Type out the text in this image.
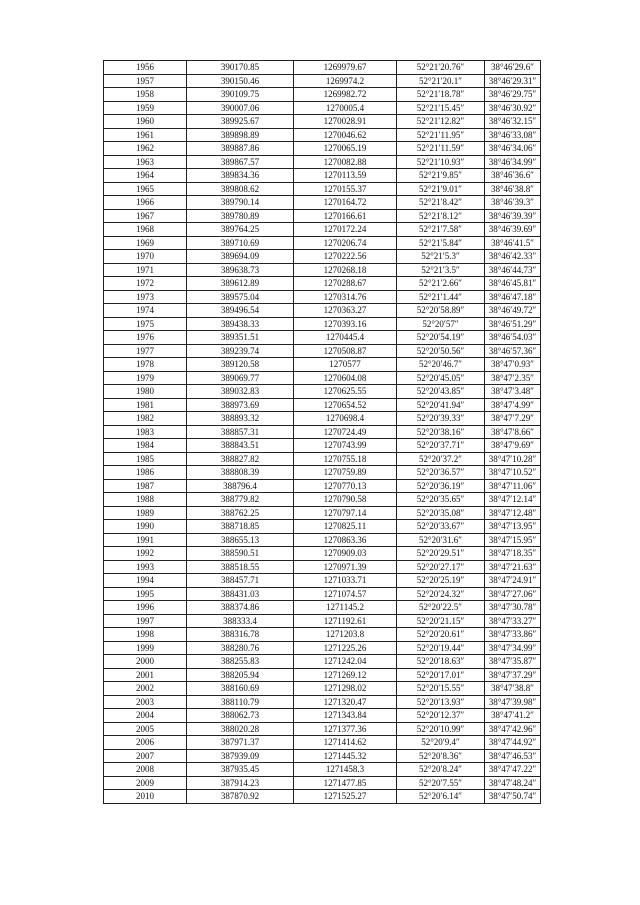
1956	390170.85	1269979.67	52°21′20.76″	38°46′29.6″
1957	390150.46	1269974.2	52°21′20.1″	38°46′29.31″
1958	390109.75	1269982.72	52°21′18.78″	38°46′29.75″
1959	390007.06	1270005.4	52°21′15.45″	38°46′30.92″
1960	389925.67	1270028.91	52°21′12.82″	38°46′32.15″
1961	389898.89	1270046.62	52°21′11.95″	38°46′33.08″
1962	389887.86	1270065.19	52°21′11.59″	38°46′34.06″
1963	389867.57	1270082.88	52°21′10.93″	38°46′34.99″
1964	389834.36	1270113.59	52°21′9.85″	38°46′36.6″
1965	389808.62	1270155.37	52°21′9.01″	38°46′38.8″
1966	389790.14	1270164.72	52°21′8.42″	38°46′39.3″
1967	389780.89	1270166.61	52°21′8.12″	38°46′39.39″
1968	389764.25	1270172.24	52°21′7.58″	38°46′39.69″
1969	389710.69	1270206.74	52°21′5.84″	38°46′41.5″
1970	389694.09	1270222.56	52°21′5.3″	38°46′42.33″
1971	389638.73	1270268.18	52°21′3.5″	38°46′44.73″
1972	389612.89	1270288.67	52°21′2.66″	38°46′45.81″
1973	389575.04	1270314.76	52°21′1.44″	38°46′47.18″
1974	389496.54	1270363.27	52°20′58.89″	38°46′49.72″
1975	389438.33	1270393.16	52°20′57″	38°46′51.29″
1976	389351.51	1270445.4	52°20′54.19″	38°46′54.03″
1977	389239.74	1270508.87	52°20′50.56″	38°46′57.36″
1978	389120.58	1270577	52°20′46.7″	38°47′0.93″
1979	389069.77	1270604.08	52°20′45.05″	38°47′2.35″
1980	389032.83	1270625.55	52°20′43.85″	38°47′3.48″
1981	388973.69	1270654.52	52°20′41.94″	38°47′4.99″
1982	388893.32	1270698.4	52°20′39.33″	38°47′7.29″
1983	388857.31	1270724.49	52°20′38.16″	38°47′8.66″
1984	388843.51	1270743.99	52°20′37.71″	38°47′9.69″
1985	388827.82	1270755.18	52°20′37.2″	38°47′10.28″
1986	388808.39	1270759.89	52°20′36.57″	38°47′10.52″
1987	388796.4	1270770.13	52°20′36.19″	38°47′11.06″
1988	388779.82	1270790.58	52°20′35.65″	38°47′12.14″
1989	388762.25	1270797.14	52°20′35.08″	38°47′12.48″
1990	388718.85	1270825.11	52°20′33.67″	38°47′13.95″
1991	388655.13	1270863.36	52°20′31.6″	38°47′15.95″
1992	388590.51	1270909.03	52°20′29.51″	38°47′18.35″
1993	388518.55	1270971.39	52°20′27.17″	38°47′21.63″
1994	388457.71	1271033.71	52°20′25.19″	38°47′24.91″
1995	388431.03	1271074.57	52°20′24.32″	38°47′27.06″
1996	388374.86	1271145.2	52°20′22.5″	38°47′30.78″
1997	388333.4	1271192.61	52°20′21.15″	38°47′33.27″
1998	388316.78	1271203.8	52°20′20.61″	38°47′33.86″
1999	388280.76	1271225.26	52°20′19.44″	38°47′34.99″
2000	388255.83	1271242.04	52°20′18.63″	38°47′35.87″
2001	388205.94	1271269.12	52°20′17.01″	38°47′37.29″
2002	388160.69	1271298.02	52°20′15.55″	38°47′38.8″
2003	388110.79	1271320.47	52°20′13.93″	38°47′39.98″
2004	388062.73	1271343.84	52°20′12.37″	38°47′41.2″
2005	388020.28	1271377.36	52°20′10.99″	38°47′42.96″
2006	387971.37	1271414.62	52°20′9.4″	38°47′44.92″
2007	387939.09	1271445.32	52°20′8.36″	38°47′46.53″
2008	387935.45	1271458.3	52°20′8.24″	38°47′47.22″
2009	387914.23	1271477.85	52°20′7.55″	38°47′48.24″
2010	387870.92	1271525.27	52°20′6.14″	38°47′50.74″
